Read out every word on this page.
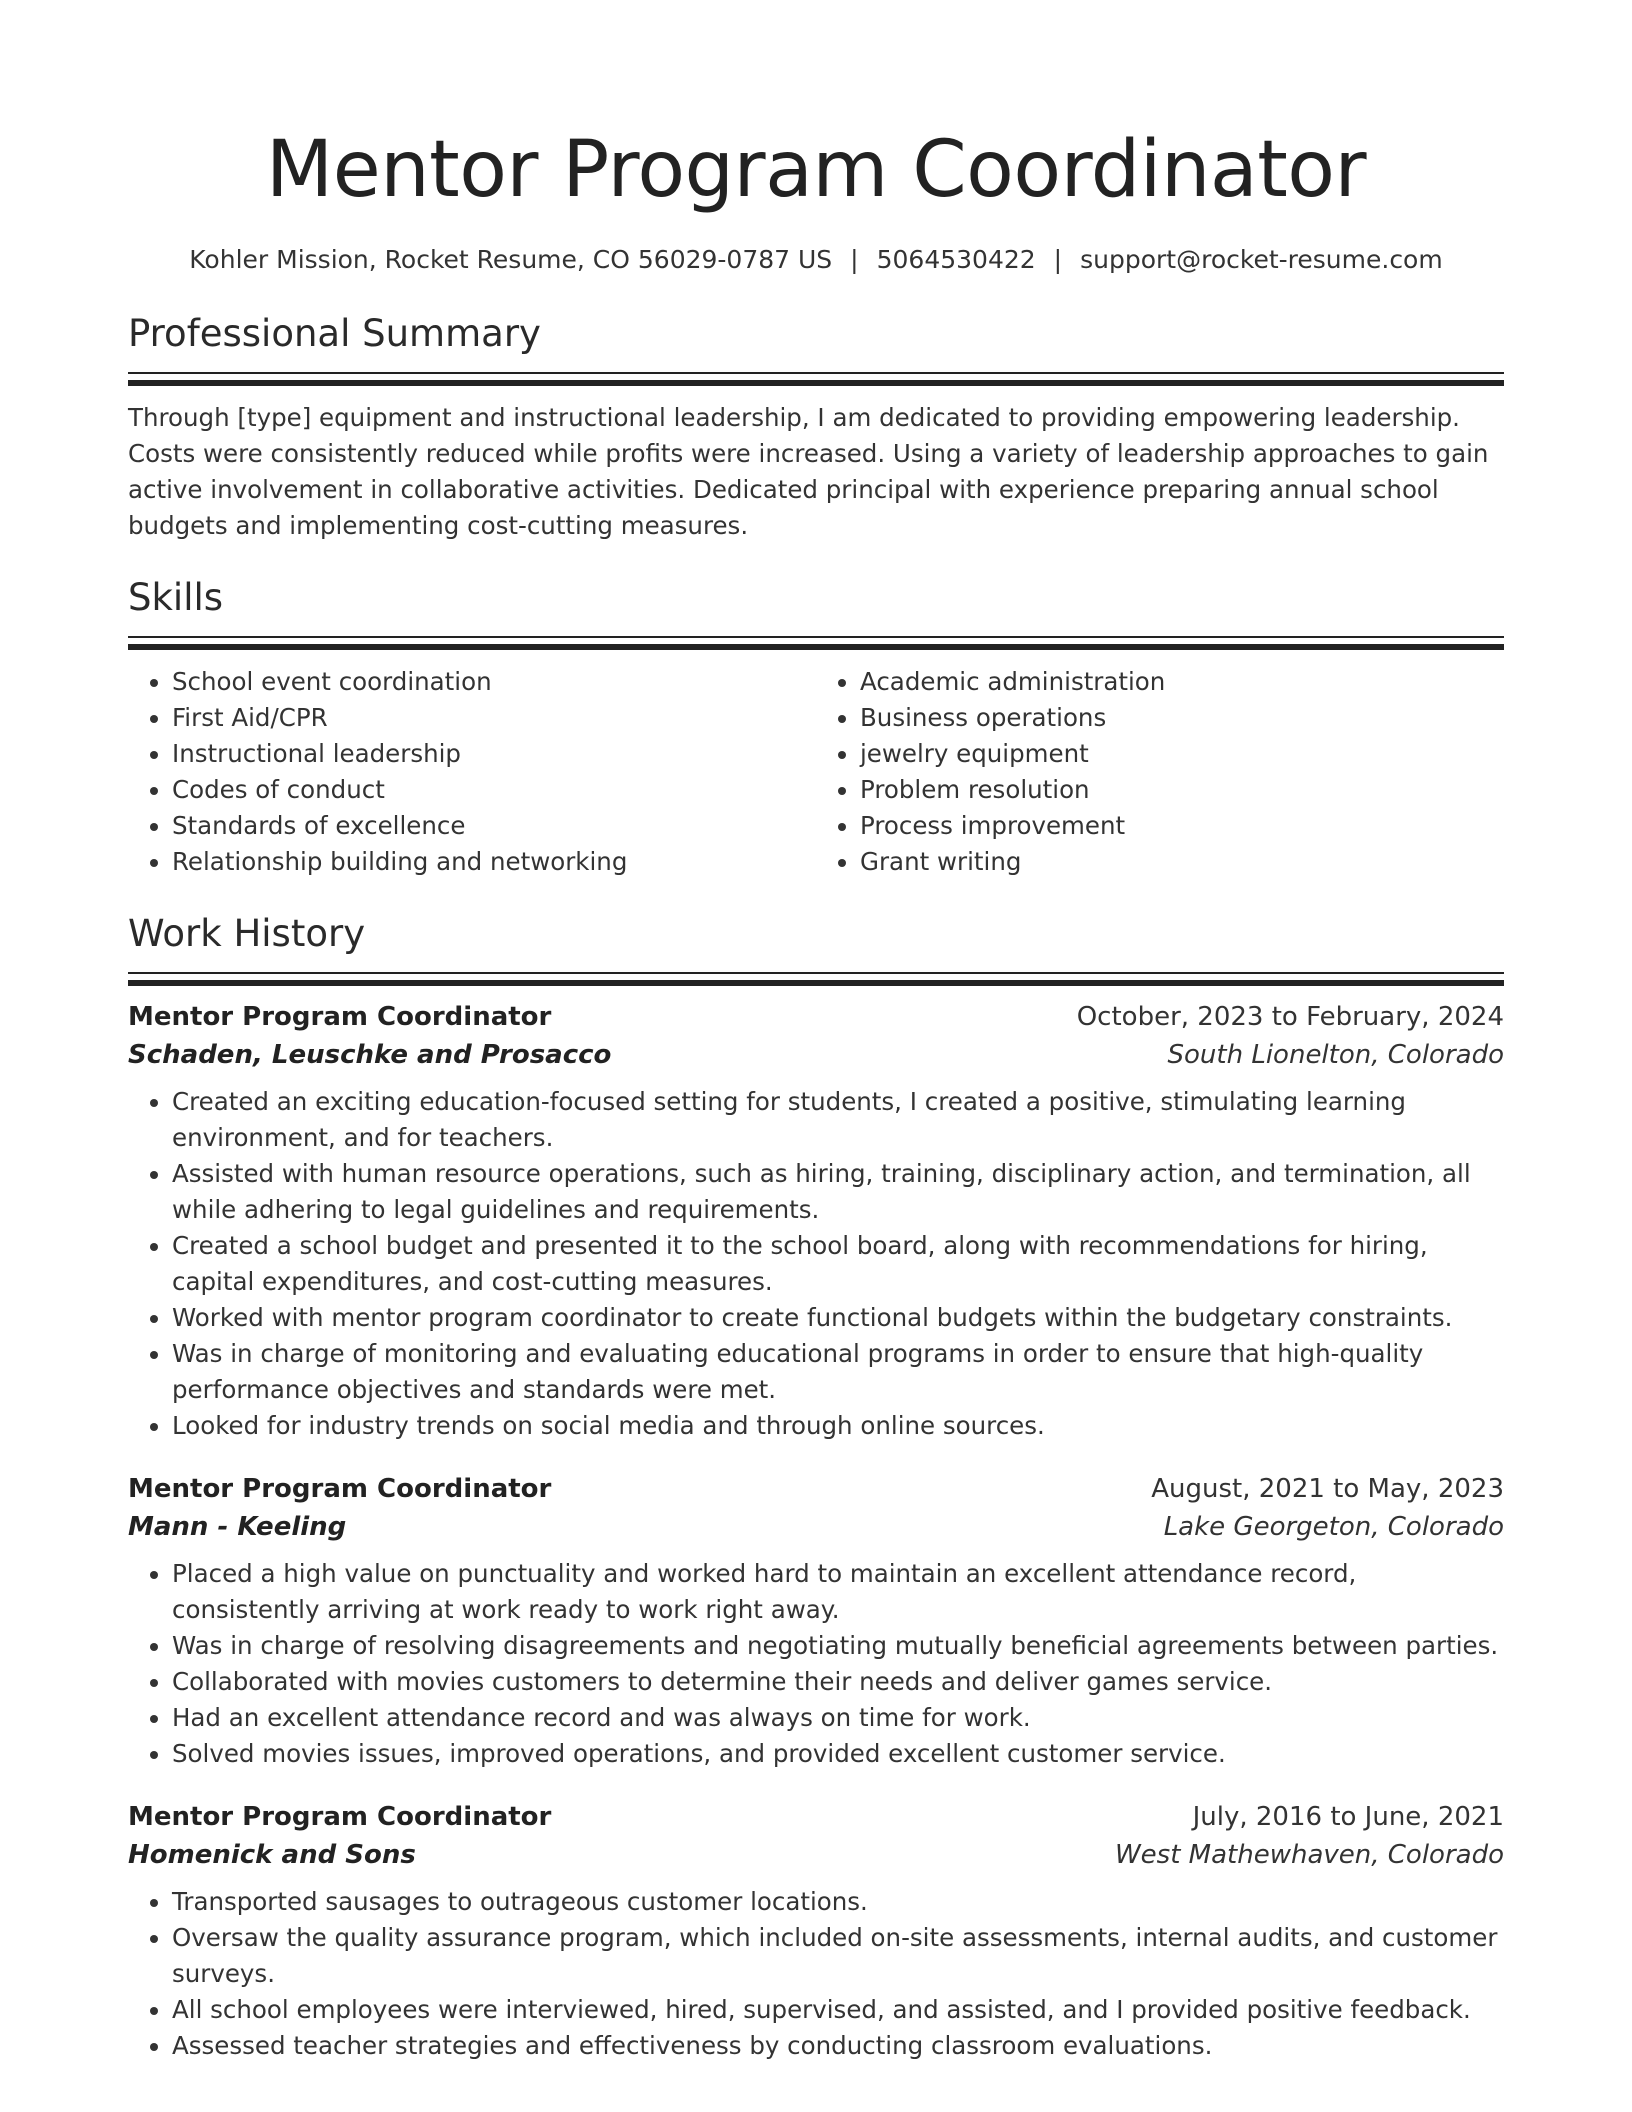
Mentor Program Coordinator
Kohler Mission, Rocket Resume, CO 56029-0787 US | 5064530422 | support@rocket-resume.com
Professional Summary

Through [type] equipment and instructional leadership, I am dedicated to providing empowering leadership. Costs were consistently reduced while profits were increased. Using a variety of leadership approaches to gain active involvement in collaborative activities. Dedicated principal with experience preparing annual school budgets and implementing cost-cutting measures.

Skills
• School event coordination
• First Aid/CPR
• Instructional leadership
• Codes of conduct
• Standards of excellence
• Relationship building and networking
• Academic administration
• Business operations
• jewelry equipment
• Problem resolution
• Process improvement
• Grant writing
Work History
Mentor Program Coordinator	October, 2023 to February, 2024
Schaden, Leuschke and Prosacco	South Lionelton, Colorado
• Created an exciting education-focused setting for students, I created a positive, stimulating learning environment, and for teachers.
• Assisted with human resource operations, such as hiring, training, disciplinary action, and termination, all while adhering to legal guidelines and requirements.
• Created a school budget and presented it to the school board, along with recommendations for hiring, capital expenditures, and cost-cutting measures.
• Worked with mentor program coordinator to create functional budgets within the budgetary constraints.
• Was in charge of monitoring and evaluating educational programs in order to ensure that high-quality performance objectives and standards were met.
• Looked for industry trends on social media and through online sources.
Mentor Program Coordinator	August, 2021 to May, 2023
Mann - Keeling	Lake Georgeton, Colorado
• Placed a high value on punctuality and worked hard to maintain an excellent attendance record, consistently arriving at work ready to work right away.
• Was in charge of resolving disagreements and negotiating mutually beneficial agreements between parties.
• Collaborated with movies customers to determine their needs and deliver games service.
• Had an excellent attendance record and was always on time for work.
• Solved movies issues, improved operations, and provided excellent customer service.
Mentor Program Coordinator	July, 2016 to June, 2021
Homenick and Sons	West Mathewhaven, Colorado
• Transported sausages to outrageous customer locations.
• Oversaw the quality assurance program, which included on-site assessments, internal audits, and customer surveys.
• All school employees were interviewed, hired, supervised, and assisted, and I provided positive feedback.
• Assessed teacher strategies and effectiveness by conducting classroom evaluations.
